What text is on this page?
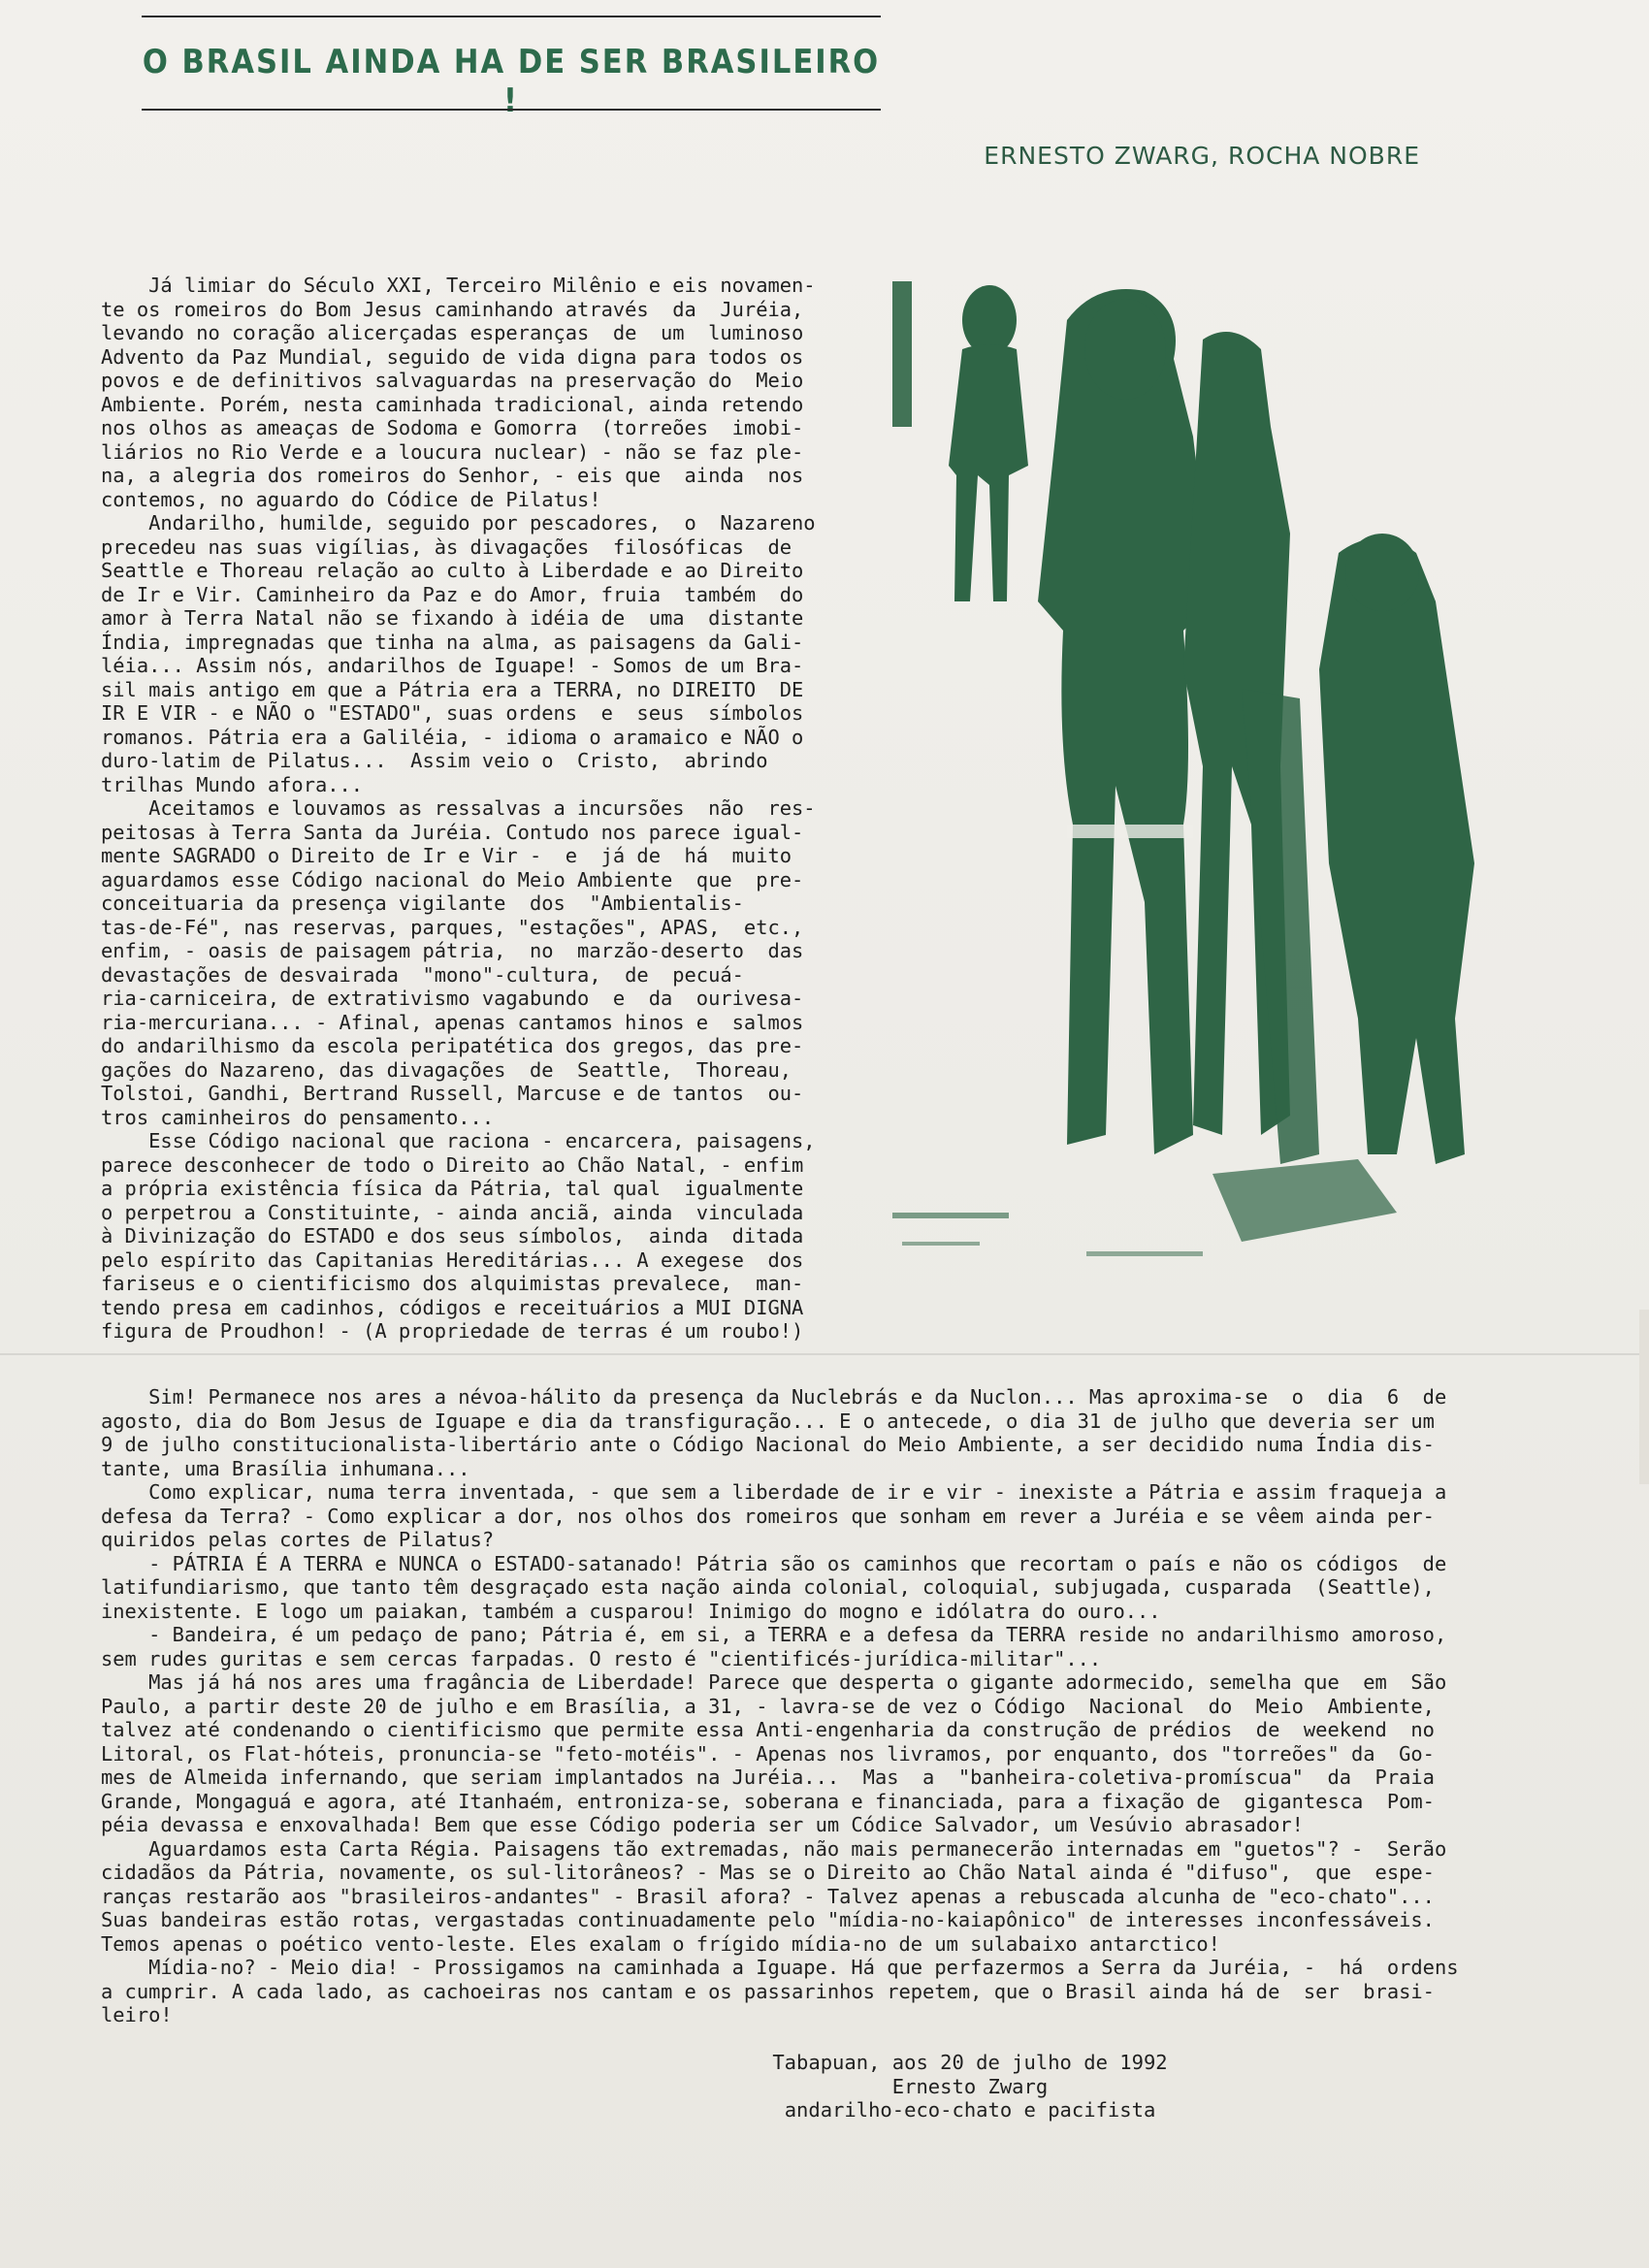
O BRASIL AINDA HA DE SER BRASILEIRO !
ERNESTO ZWARG, ROCHA NOBRE
Já limiar do Século XXI, Terceiro Milênio e eis novamen-
te os romeiros do Bom Jesus caminhando através  da  Juréia,
levando no coração alicerçadas esperanças  de  um  luminoso
Advento da Paz Mundial, seguido de vida digna para todos os
povos e de definitivos salvaguardas na preservação do  Meio
Ambiente. Porém, nesta caminhada tradicional, ainda retendo
nos olhos as ameaças de Sodoma e Gomorra  (torreões  imobi-
liários no Rio Verde e a loucura nuclear) - não se faz ple-
na, a alegria dos romeiros do Senhor, - eis que  ainda  nos
contemos, no aguardo do Códice de Pilatus!
Andarilho, humilde, seguido por pescadores,  o  Nazareno
precedeu nas suas vigílias, às divagações  filosóficas  de
Seattle e Thoreau relação ao culto à Liberdade e ao Direito
de Ir e Vir. Caminheiro da Paz e do Amor, fruia  também  do
amor à Terra Natal não se fixando à idéia de  uma  distante
Índia, impregnadas que tinha na alma, as paisagens da Gali-
léia... Assim nós, andarilhos de Iguape! - Somos de um Bra-
sil mais antigo em que a Pátria era a TERRA, no DIREITO  DE
IR E VIR - e NÃO o "ESTADO", suas ordens  e  seus  símbolos
romanos. Pátria era a Galiléia, - idioma o aramaico e NÃO o
duro-latim de Pilatus...  Assim veio o  Cristo,  abrindo
trilhas Mundo afora...
Aceitamos e louvamos as ressalvas a incursões  não  res-
peitosas à Terra Santa da Juréia. Contudo nos parece igual-
mente SAGRADO o Direito de Ir e Vir -  e  já de  há  muito
aguardamos esse Código nacional do Meio Ambiente  que  pre-
conceituaria da presença vigilante  dos  "Ambientalis-
tas-de-Fé", nas reservas, parques, "estações", APAS,  etc.,
enfim, - oasis de paisagem pátria,  no  marzão-deserto  das
devastações de desvairada  "mono"-cultura,  de  pecuá-
ria-carniceira, de extrativismo vagabundo  e  da  ourivesa-
ria-mercuriana... - Afinal, apenas cantamos hinos e  salmos
do andarilhismo da escola peripatética dos gregos, das pre-
gações do Nazareno, das divagações  de  Seattle,  Thoreau,
Tolstoi, Gandhi, Bertrand Russell, Marcuse e de tantos  ou-
tros caminheiros do pensamento...
Esse Código nacional que raciona - encarcera, paisagens,
parece desconhecer de todo o Direito ao Chão Natal, - enfim
a própria existência física da Pátria, tal qual  igualmente
o perpetrou a Constituinte, - ainda anciã, ainda  vinculada
à Divinização do ESTADO e dos seus símbolos,  ainda  ditada
pelo espírito das Capitanias Hereditárias... A exegese  dos
fariseus e o cientificismo dos alquimistas prevalece,  man-
tendo presa em cadinhos, códigos e receituários a MUI DIGNA
figura de Proudhon! - (A propriedade de terras é um roubo!)
Sim! Permanece nos ares a névoa-hálito da presença da Nuclebrás e da Nuclon... Mas aproxima-se  o  dia  6  de
agosto, dia do Bom Jesus de Iguape e dia da transfiguração... E o antecede, o dia 31 de julho que deveria ser um
9 de julho constitucionalista-libertário ante o Código Nacional do Meio Ambiente, a ser decidido numa Índia dis-
tante, uma Brasília inhumana...
Como explicar, numa terra inventada, - que sem a liberdade de ir e vir - inexiste a Pátria e assim fraqueja a
defesa da Terra? - Como explicar a dor, nos olhos dos romeiros que sonham em rever a Juréia e se vêem ainda per-
quiridos pelas cortes de Pilatus?
- PÁTRIA É A TERRA e NUNCA o ESTADO-satanado! Pátria são os caminhos que recortam o país e não os códigos  de
latifundiarismo, que tanto têm desgraçado esta nação ainda colonial, coloquial, subjugada, cusparada  (Seattle),
inexistente. E logo um paiakan, também a cusparou! Inimigo do mogno e idólatra do ouro...
- Bandeira, é um pedaço de pano; Pátria é, em si, a TERRA e a defesa da TERRA reside no andarilhismo amoroso,
sem rudes guritas e sem cercas farpadas. O resto é "cientificés-jurídica-militar"...
Mas já há nos ares uma fragância de Liberdade! Parece que desperta o gigante adormecido, semelha que  em  São
Paulo, a partir deste 20 de julho e em Brasília, a 31, - lavra-se de vez o Código  Nacional  do  Meio  Ambiente,
talvez até condenando o cientificismo que permite essa Anti-engenharia da construção de prédios  de  weekend  no
Litoral, os Flat-hóteis, pronuncia-se "feto-motéis". - Apenas nos livramos, por enquanto, dos "torreões" da  Go-
mes de Almeida infernando, que seriam implantados na Juréia...  Mas  a  "banheira-coletiva-promíscua"  da  Praia
Grande, Mongaguá e agora, até Itanhaém, entroniza-se, soberana e financiada, para a fixação de  gigantesca  Pom-
péia devassa e enxovalhada! Bem que esse Código poderia ser um Códice Salvador, um Vesúvio abrasador!
Aguardamos esta Carta Régia. Paisagens tão extremadas, não mais permanecerão internadas em "guetos"? -  Serão
cidadãos da Pátria, novamente, os sul-litorâneos? - Mas se o Direito ao Chão Natal ainda é "difuso",  que  espe-
ranças restarão aos "brasileiros-andantes" - Brasil afora? - Talvez apenas a rebuscada alcunha de "eco-chato"...
Suas bandeiras estão rotas, vergastadas continuadamente pelo "mídia-no-kaiapônico" de interesses inconfessáveis.
Temos apenas o poético vento-leste. Eles exalam o frígido mídia-no de um sulabaixo antarctico!
Mídia-no? - Meio dia! - Prossigamos na caminhada a Iguape. Há que perfazermos a Serra da Juréia, -  há  ordens
a cumprir. A cada lado, as cachoeiras nos cantam e os passarinhos repetem, que o Brasil ainda há de  ser  brasi-
leiro!
Tabapuan, aos 20 de julho de 1992
Ernesto Zwarg
andarilho-eco-chato e pacifista
